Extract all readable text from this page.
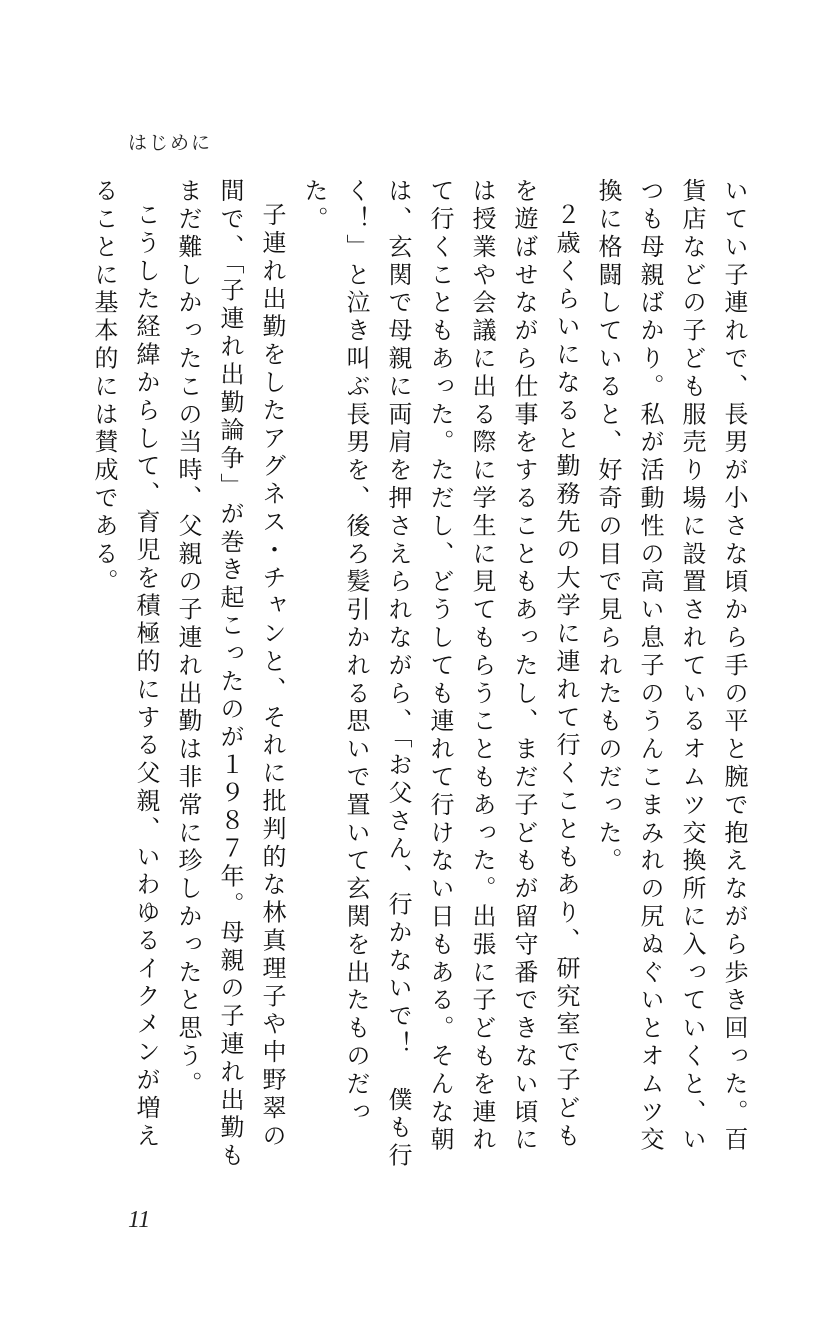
はじめに

いてい子連れで、長男が小さな頃から手の平と腕で抱えながら歩き回った。百貨店などの子ども服売り場に設置されているオムツ交換所に入っていくと、いつも母親ばかり。私が活動性の高い息子のうんこまみれの尻ぬぐいとオムツ交換に格闘していると、好奇の目で見られたものだった。

２歳くらいになると勤務先の大学に連れて行くこともあり、研究室で子どもを遊ばせながら仕事をすることもあったし、まだ子どもが留守番できない頃には授業や会議に出る際に学生に見てもらうこともあった。出張に子どもを連れて行くこともあった。ただし、どうしても連れて行けない日もある。そんな朝は、玄関で母親に両肩を押さえられながら、「お父さん、行かないで！　僕も行く！」と泣き叫ぶ長男を、後ろ髪引かれる思いで置いて玄関を出たものだった。

子連れ出勤をしたアグネス・チャンと、それに批判的な林真理子や中野翠の間で、「子連れ出勤論争」が巻き起こったのが１９８７年。母親の子連れ出勤もまだ難しかったこの当時、父親の子連れ出勤は非常に珍しかったと思う。

こうした経緯からして、育児を積極的にする父親、いわゆるイクメンが増えることに基本的には賛成である。

11
